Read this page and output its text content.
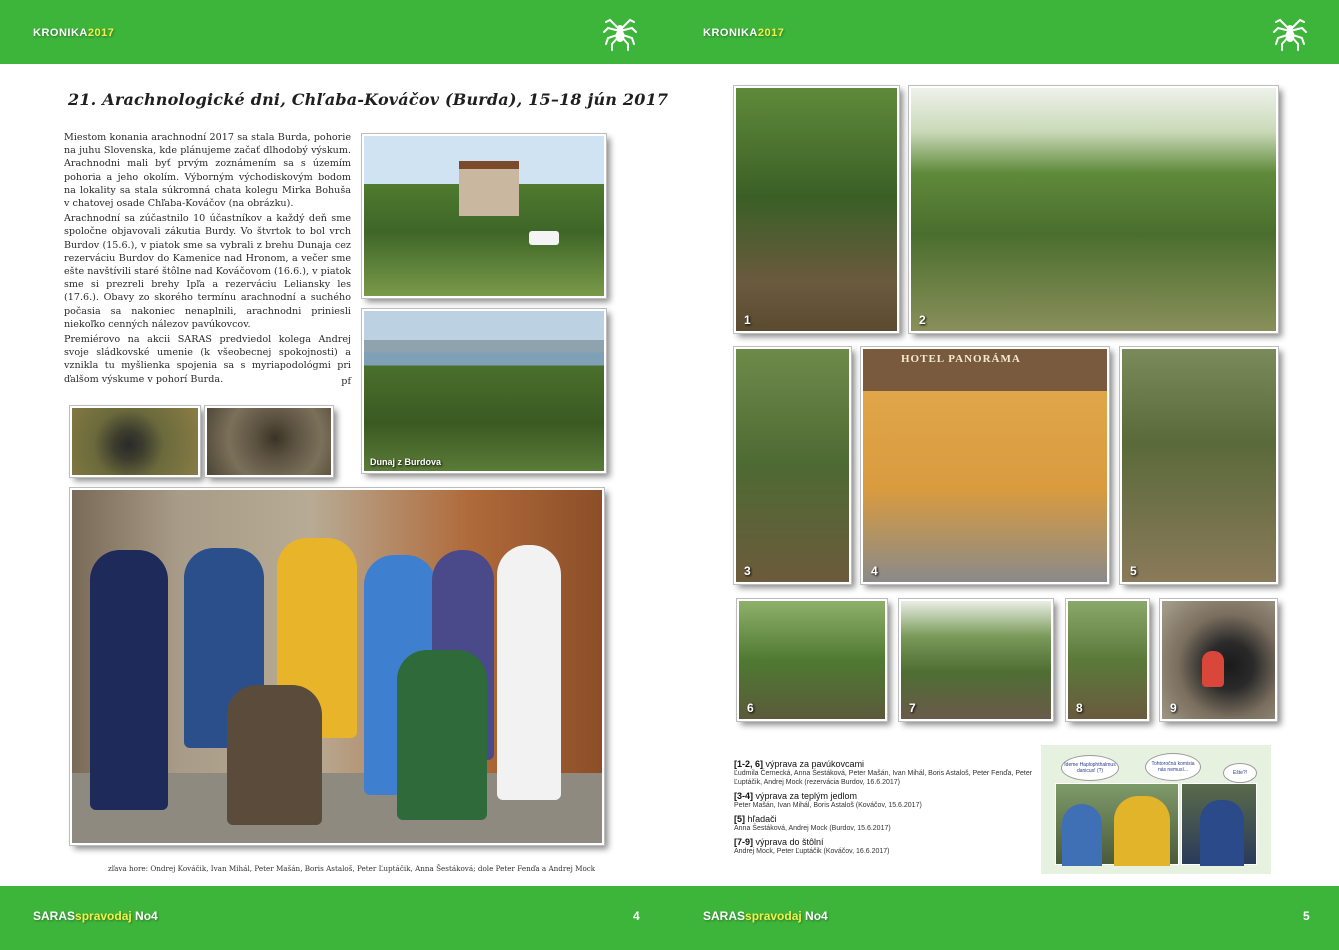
KRONIKA2017	KRONIKA2017
21. Arachnologické dni, Chľaba-Kováčov (Burda), 15–18 jún 2017

Miestom konania arachnodní 2017 sa stala Burda, pohorie na juhu Slovenska, kde plánujeme začať dlhodobý výskum. Arachnodni mali byť prvým zoznámením sa s územím pohoria a jeho okolím. Výborným východiskovým bodom na lokality sa stala súkromná chata kolegu Mirka Bohuša v chatovej osade Chľaba-Kováčov (na obrázku).

Arachnodní sa zúčastnilo 10 účastníkov a každý deň sme spoločne objavovali zákutia Burdy. Vo štvrtok to bol vrch Burdov (15.6.), v piatok sme sa vybrali z brehu Dunaja cez rezerváciu Burdov do Kamenice nad Hronom, a večer sme ešte navštívili staré štôlne nad Kováčovom (16.6.), v piatok sme si prezreli brehy Ipľa a rezerváciu Leliansky les (17.6.). Obavy zo skorého termínu arachnodní a suchého počasia sa nakoniec nenaplnili, arachnodni priniesli niekoľko cenných nálezov pavúkovcov.

Premiérovo na akcii SARAS predviedol kolega Andrej svoje sládkovské umenie (k všeobecnej spokojnosti) a vznikla tu myšlienka spojenia sa s myriapodológmi pri ďalšom výskume v pohorí Burda.	pf
Dunaj z Burdova
zľava hore: Ondrej Kováčik, Ivan Mihál, Peter Mašán, Boris Astaloš, Peter Ľuptáčik, Anna Šestáková; dole Peter Fenďa a Andrej Mock
1	2
3
HOTEL PANORÁMA
4	5
6	7	8	9
[1-2, 6] výprava za pavúkovcami
Ľudmila Černecká, Anna Šestáková, Peter Mašán, Ivan Mihál, Boris Astaloš, Peter Fenďa, Peter Ľuptáčik, Andrej Mock (rezervácia Burdov, 16.6.2017)
[3-4] výprava za teplým jedlom
Peter Mašán, Ivan Mihál, Boris Astaloš (Kováčov, 15.6.2017)
[5] hľadači
Anna Šestáková, Andrej Mock (Burdov, 15.6.2017)
[7-9] výprava do štôlní
Andrej Mock, Peter Ľuptáčik (Kováčov, 16.6.2017)
Ideme Haplophthalmus danicus! (?)
Tohtoročná komisia nás nemusí...	Ešte?!
SARASspravodaj No4	4	SARASspravodaj No4	5
